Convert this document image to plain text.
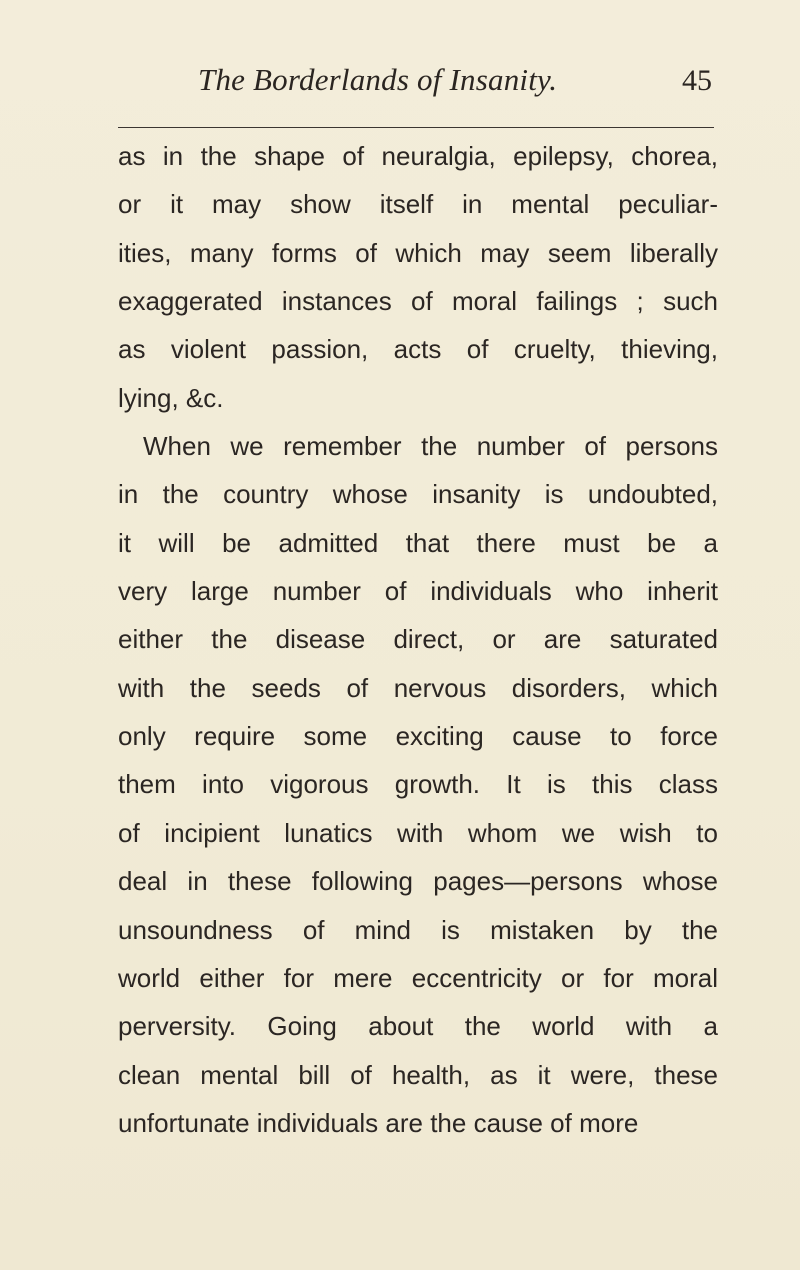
The Borderlands of Insanity.	45
as in the shape of neuralgia, epilepsy, chorea,
or it may show itself in mental peculiar-
ities, many forms of which may seem liberally
exaggerated instances of moral failings ; such
as violent passion, acts of cruelty, thieving,
lying, &c.
When we remember the number of persons
in the country whose insanity is undoubted,
it will be admitted that there must be a
very large number of individuals who inherit
either the disease direct, or are saturated
with the seeds of nervous disorders, which
only require some exciting cause to force
them into vigorous growth. It is this class
of incipient lunatics with whom we wish to
deal in these following pages—persons whose
unsoundness of mind is mistaken by the
world either for mere eccentricity or for moral
perversity. Going about the world with a
clean mental bill of health, as it were, these
unfortunate individuals are the cause of more
